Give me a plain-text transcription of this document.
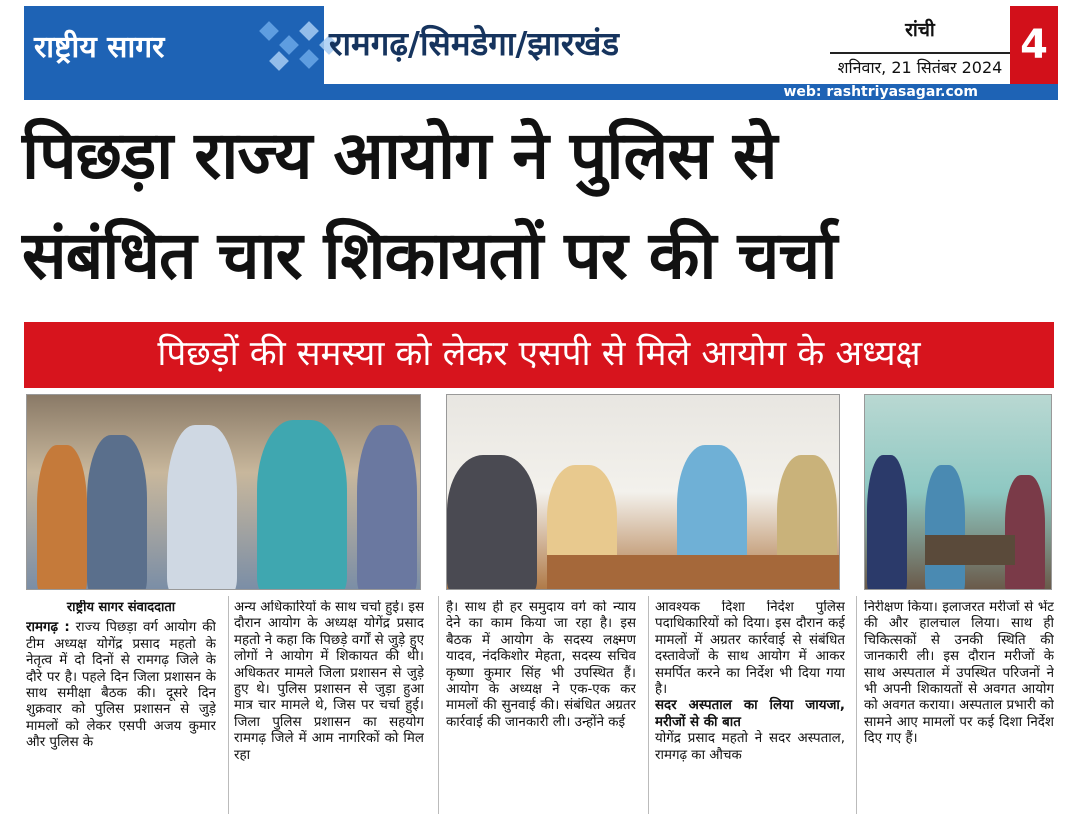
राष्ट्रीय सागर	रामगढ़/सिमडेगा/झारखंड	रांची
शनिवार, 21 सितंबर 2024 4
web: rashtriyasagar.com
पिछड़ा राज्य आयोग ने पुलिस से
संबंधित चार शिकायतों पर की चर्चा
पिछड़ों की समस्या को लेकर एसपी से मिले आयोग के अध्यक्ष
राष्ट्रीय सागर संवाददाता
रामगढ़ : राज्य पिछड़ा वर्ग आयोग की टीम अध्यक्ष योगेंद्र प्रसाद महतो के नेतृत्व में दो दिनों से रामगढ़ जिले के दौरे पर है। पहले दिन जिला प्रशासन के साथ समीक्षा बैठक की। दूसरे दिन शुक्रवार को पुलिस प्रशासन से जुड़े मामलों को लेकर एसपी अजय कुमार और पुलिस के
अन्य अधिकारियों के साथ चर्चा हुई। इस दौरान आयोग के अध्यक्ष योगेंद्र प्रसाद महतो ने कहा कि पिछड़े वर्गों से जुड़े हुए लोगों ने आयोग में शिकायत की थी। अधिकतर मामले जिला प्रशासन से जुड़े हुए थे। पुलिस प्रशासन से जुड़ा हुआ मात्र चार मामले थे, जिस पर चर्चा हुई। जिला पुलिस प्रशासन का सहयोग रामगढ़ जिले में आम नागरिकों को मिल रहा
है। साथ ही हर समुदाय वर्ग को न्याय देने का काम किया जा रहा है। इस बैठक में आयोग के सदस्य लक्ष्मण यादव, नंदकिशोर मेहता, सदस्य सचिव कृष्णा कुमार सिंह भी उपस्थित हैं। आयोग के अध्यक्ष ने एक-एक कर मामलों की सुनवाई की। संबंधित अग्रतर कार्रवाई की जानकारी ली। उन्होंने कई
आवश्यक दिशा निर्देश पुलिस पदाधिकारियों को दिया। इस दौरान कई मामलों में अग्रतर कार्रवाई से संबंधित दस्तावेजों के साथ आयोग में आकर समर्पित करने का निर्देश भी दिया गया है।
सदर अस्पताल का लिया जायजा, मरीजों से की बात
योगेंद्र प्रसाद महतो ने सदर अस्पताल, रामगढ़ का औचक
निरीक्षण किया। इलाजरत मरीजों से भेंट की और हालचाल लिया। साथ ही चिकित्सकों से उनकी स्थिति की जानकारी ली। इस दौरान मरीजों के साथ अस्पताल में उपस्थित परिजनों ने भी अपनी शिकायतों से अवगत आयोग को अवगत कराया। अस्पताल प्रभारी को सामने आए मामलों पर कई दिशा निर्देश दिए गए हैं।
